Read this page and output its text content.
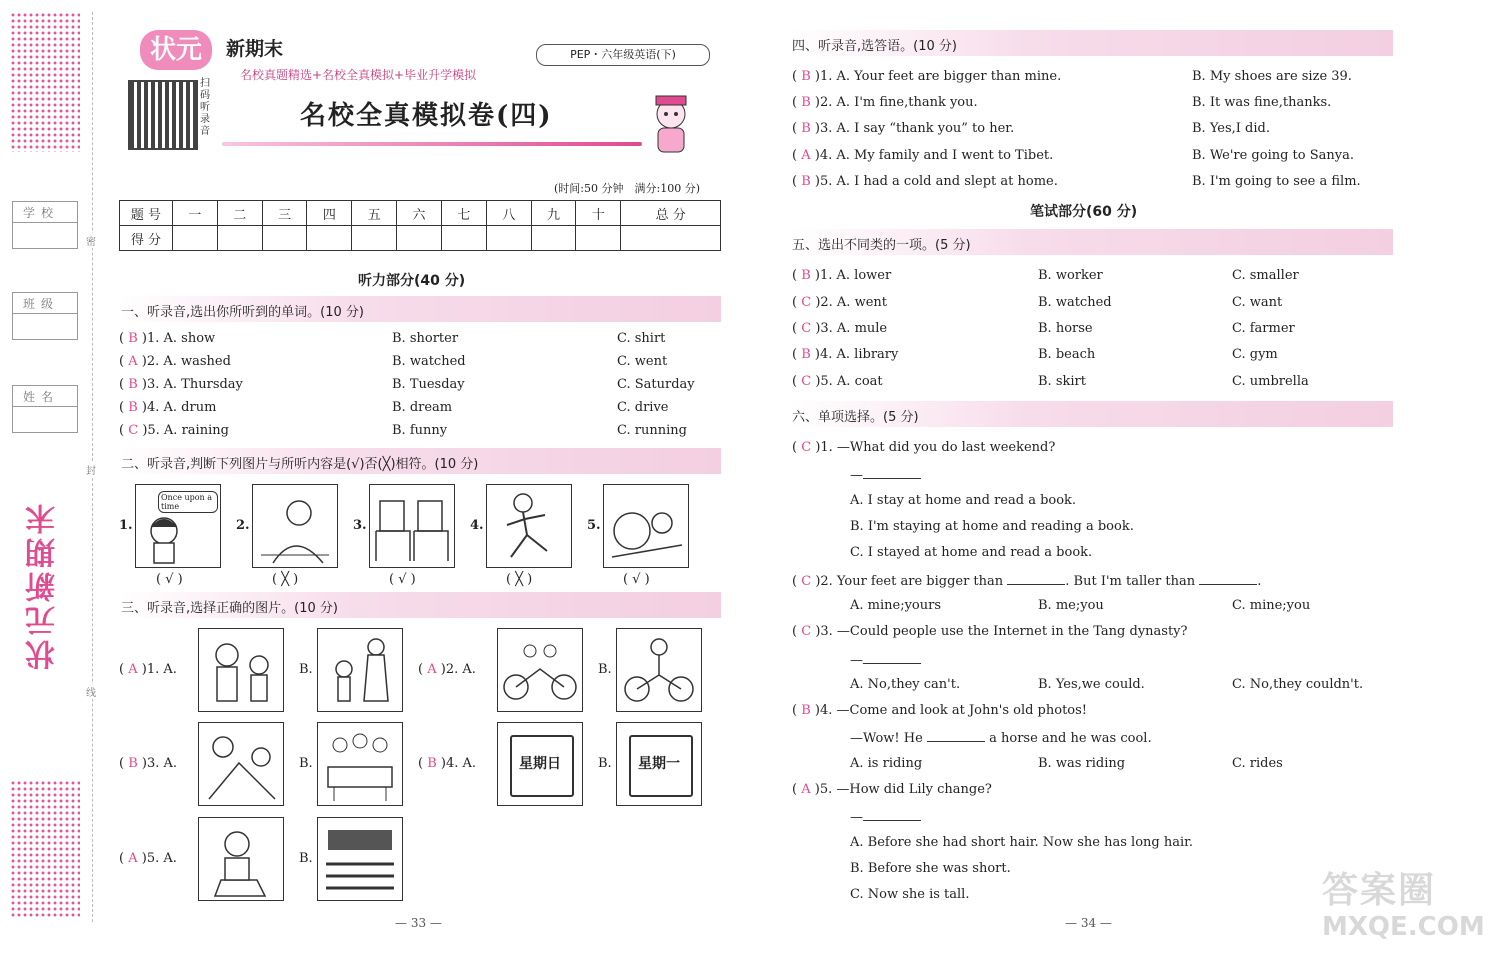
密
封
线
学校
班级
姓名
状元新期末
状元	新期末	PEP・六年级英语(下)
名校真题精选+名校全真模拟+毕业升学模拟
扫码听录音
名校全真模拟卷(四)
(时间:50 分钟　满分:100 分)
题 号	一	二	三	四	五	六	七	八	九	十	总 分
得 分											
听力部分(40 分)
一、听录音,选出你所听到的单词。(10 分)
( B )1. A. show	B. shorter	C. shirt
( A )2. A. washed	B. watched	C. went
( B )3. A. Thursday	B. Tuesday	C. Saturday
( B )4. A. drum	B. dream	C. drive
( C )5. A. raining	B. funny	C. running
二、听录音,判断下列图片与所听内容是(√)否(╳)相符。(10 分)
1.
Once upon a time
( √ )
2.
( ╳ )
3.
( √ )
4.
( ╳ )
5.
( √ )
三、听录音,选择正确的图片。(10 分)
( A )1. A.	B.	( A )2. A.	B.
( B )3. A.	B.	( B )4. A.	星期日	B.	星期一
( A )5. A.	B.
— 33 —
四、听录音,选答语。(10 分)
( B )1. A. Your feet are bigger than mine.	B. My shoes are size 39.
( B )2. A. I'm fine,thank you.	B. It was fine,thanks.
( B )3. A. I say “thank you” to her.	B. Yes,I did.
( A )4. A. My family and I went to Tibet.	B. We're going to Sanya.
( B )5. A. I had a cold and slept at home.	B. I'm going to see a film.
笔试部分(60 分)
五、选出不同类的一项。(5 分)
( B )1. A. lower	B. worker	C. smaller
( C )2. A. went	B. watched	C. want
( C )3. A. mule	B. horse	C. farmer
( B )4. A. library	B. beach	C. gym
( C )5. A. coat	B. skirt	C. umbrella
六、单项选择。(5 分)
( C )1. —What did you do last weekend?
—
A. I stay at home and read a book.
B. I'm staying at home and reading a book.
C. I stayed at home and read a book.
( C )2. Your feet are bigger than	. But I'm taller than	.
A. mine;yours	B. me;you	C. mine;you
( C )3. —Could people use the Internet in the Tang dynasty?
—
A. No,they can't.	B. Yes,we could.	C. No,they couldn't.
( B )4. —Come and look at John's old photos!
—Wow! He	a horse and he was cool.
A. is riding	B. was riding	C. rides
( A )5. —How did Lily change?
—
A. Before she had short hair. Now she has long hair.
B. Before she was short.
C. Now she is tall.
— 34 —
答案圈
MXQE.COM
